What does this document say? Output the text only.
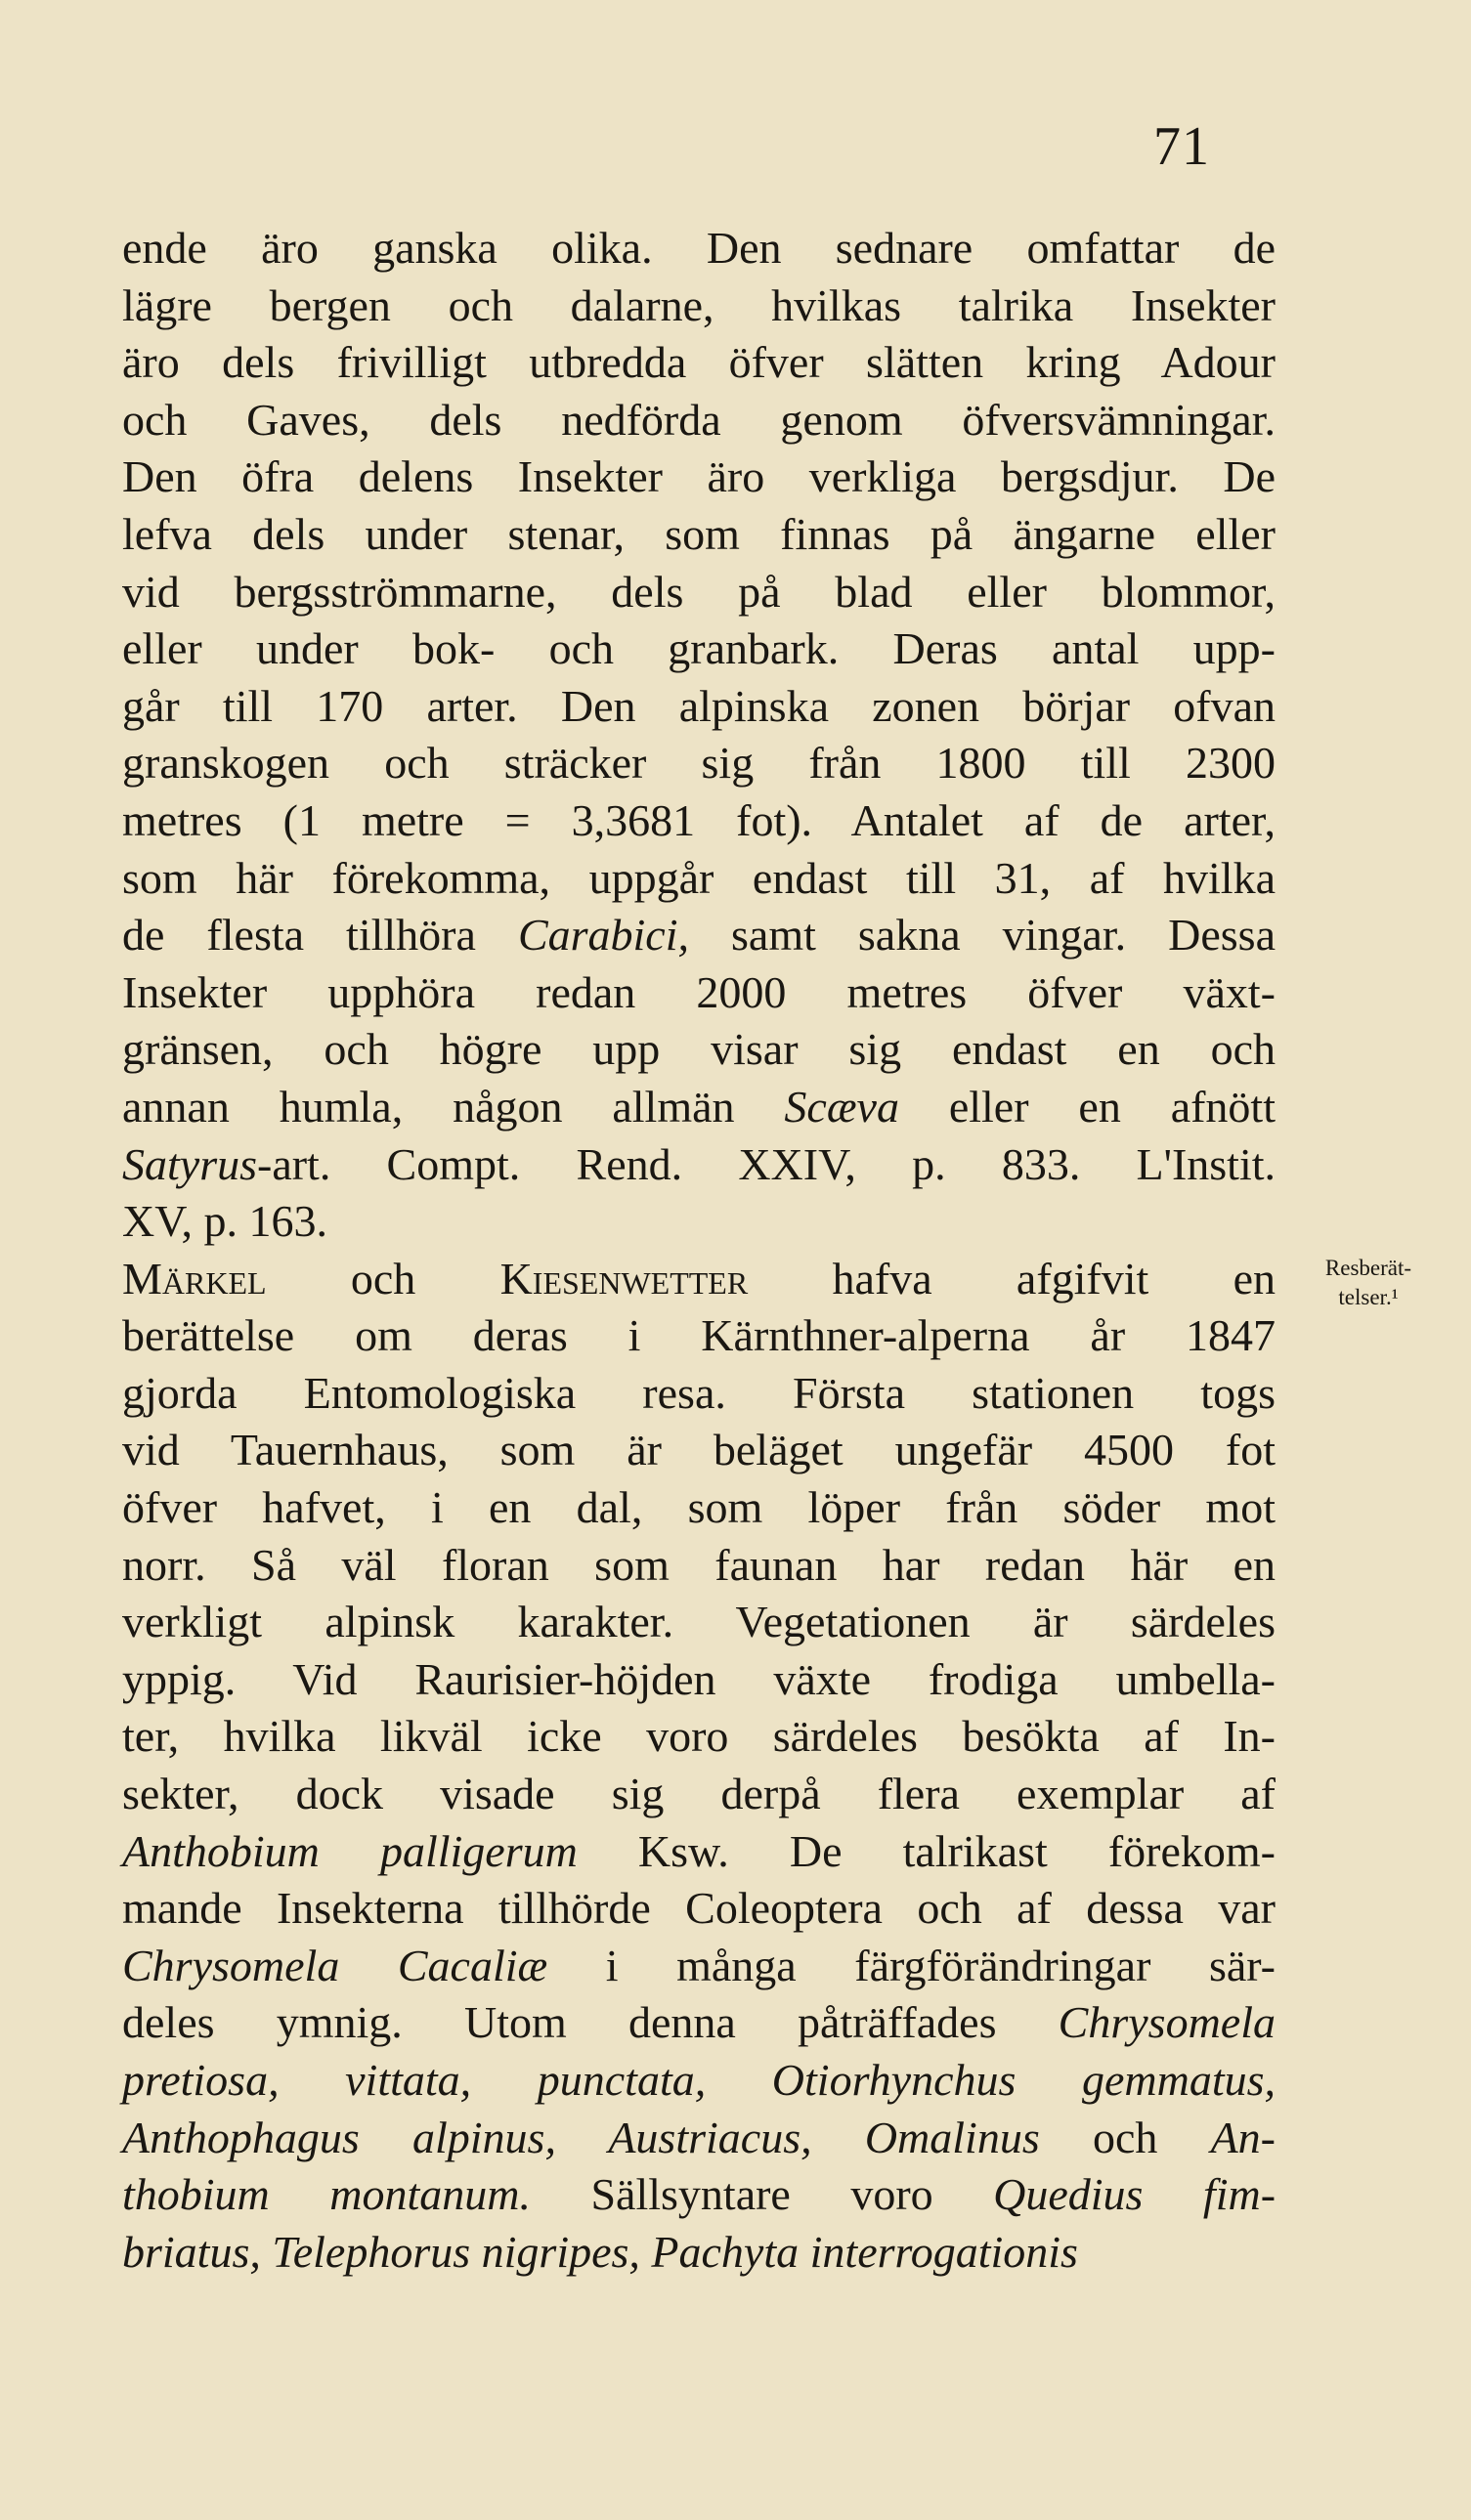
71
ende äro ganska olika. Den sednare omfattar de
lägre bergen och dalarne, hvilkas talrika Insekter
äro dels frivilligt utbredda öfver slätten kring Adour
och Gaves, dels nedförda genom öfversvämningar.
Den öfra delens Insekter äro verkliga bergsdjur. De
lefva dels under stenar, som finnas på ängarne eller
vid bergsströmmarne, dels på blad eller blommor,
eller under bok- och granbark. Deras antal upp-
går till 170 arter. Den alpinska zonen börjar ofvan
granskogen och sträcker sig från 1800 till 2300
metres (1 metre = 3,3681 fot). Antalet af de arter,
som här förekomma, uppgår endast till 31, af hvilka
de flesta tillhöra Carabici, samt sakna vingar. Dessa
Insekter upphöra redan 2000 metres öfver växt-
gränsen, och högre upp visar sig endast en och
annan humla, någon allmän Scæva eller en afnött
Satyrus-art. Compt. Rend. XXIV, p. 833. L'Instit.
XV, p. 163.
Märkel och Kiesenwetter hafva afgifvit en
berättelse om deras i Kärnthner-alperna år 1847
gjorda Entomologiska resa. Första stationen togs
vid Tauernhaus, som är beläget ungefär 4500 fot
öfver hafvet, i en dal, som löper från söder mot
norr. Så väl floran som faunan har redan här en
verkligt alpinsk karakter. Vegetationen är särdeles
yppig. Vid Raurisier-höjden växte frodiga umbella-
ter, hvilka likväl icke voro särdeles besökta af In-
sekter, dock visade sig derpå flera exemplar af
Anthobium palligerum Ksw. De talrikast förekom-
mande Insekterna tillhörde Coleoptera och af dessa var
Chrysomela Cacaliæ i många färgförändringar sär-
deles ymnig. Utom denna påträffades Chrysomela
pretiosa, vittata, punctata, Otiorhynchus gemmatus,
Anthophagus alpinus, Austriacus, Omalinus och An-
thobium montanum. Sällsyntare voro Quedius fim-
briatus, Telephorus nigripes, Pachyta interrogationis
Resberät-
telser.¹
